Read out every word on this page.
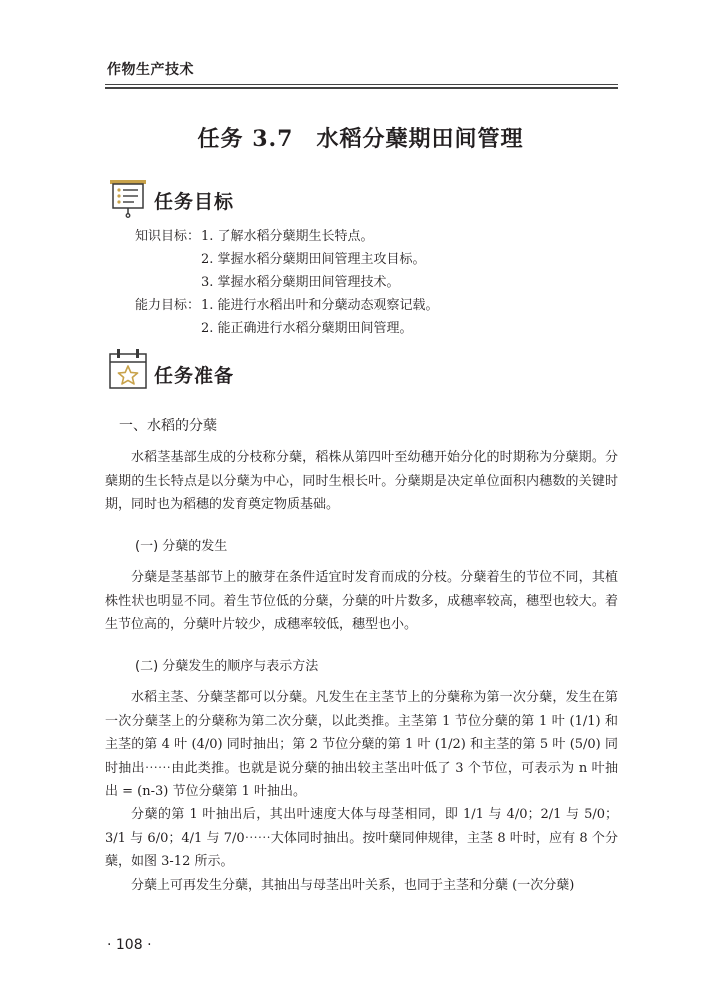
作物生产技术
任务 3.7　水稻分蘖期田间管理
任务目标
知识目标： 1. 了解水稻分蘖期生长特点。
2. 掌握水稻分蘖期田间管理主攻目标。
3. 掌握水稻分蘖期田间管理技术。
能力目标： 1. 能进行水稻出叶和分蘖动态观察记载。
2. 能正确进行水稻分蘖期田间管理。
任务准备
一、水稻的分蘖

水稻茎基部生成的分枝称分蘖，稻株从第四叶至幼穗开始分化的时期称为分蘖期。分蘖期的生长特点是以分蘖为中心，同时生根长叶。分蘖期是决定单位面积内穗数的关键时期，同时也为稻穗的发育奠定物质基础。

(一) 分蘖的发生

分蘖是茎基部节上的腋芽在条件适宜时发育而成的分枝。分蘖着生的节位不同，其植株性状也明显不同。着生节位低的分蘖，分蘖的叶片数多，成穗率较高，穗型也较大。着生节位高的，分蘖叶片较少，成穗率较低，穗型也小。

(二) 分蘖发生的顺序与表示方法

水稻主茎、分蘖茎都可以分蘖。凡发生在主茎节上的分蘖称为第一次分蘖，发生在第一次分蘖茎上的分蘖称为第二次分蘖，以此类推。主茎第 1 节位分蘖的第 1 叶 (1/1) 和主茎的第 4 叶 (4/0) 同时抽出；第 2 节位分蘖的第 1 叶 (1/2) 和主茎的第 5 叶 (5/0) 同时抽出⋯⋯由此类推。也就是说分蘖的抽出较主茎出叶低了 3 个节位，可表示为 n 叶抽出 = (n-3) 节位分蘖第 1 叶抽出。

分蘖的第 1 叶抽出后，其出叶速度大体与母茎相同，即 1/1 与 4/0；2/1 与 5/0；3/1 与 6/0；4/1 与 7/0⋯⋯大体同时抽出。按叶蘖同伸规律，主茎 8 叶时，应有 8 个分蘖，如图 3-12 所示。

分蘖上可再发生分蘖，其抽出与母茎出叶关系，也同于主茎和分蘖 (一次分蘖)

· 108 ·
